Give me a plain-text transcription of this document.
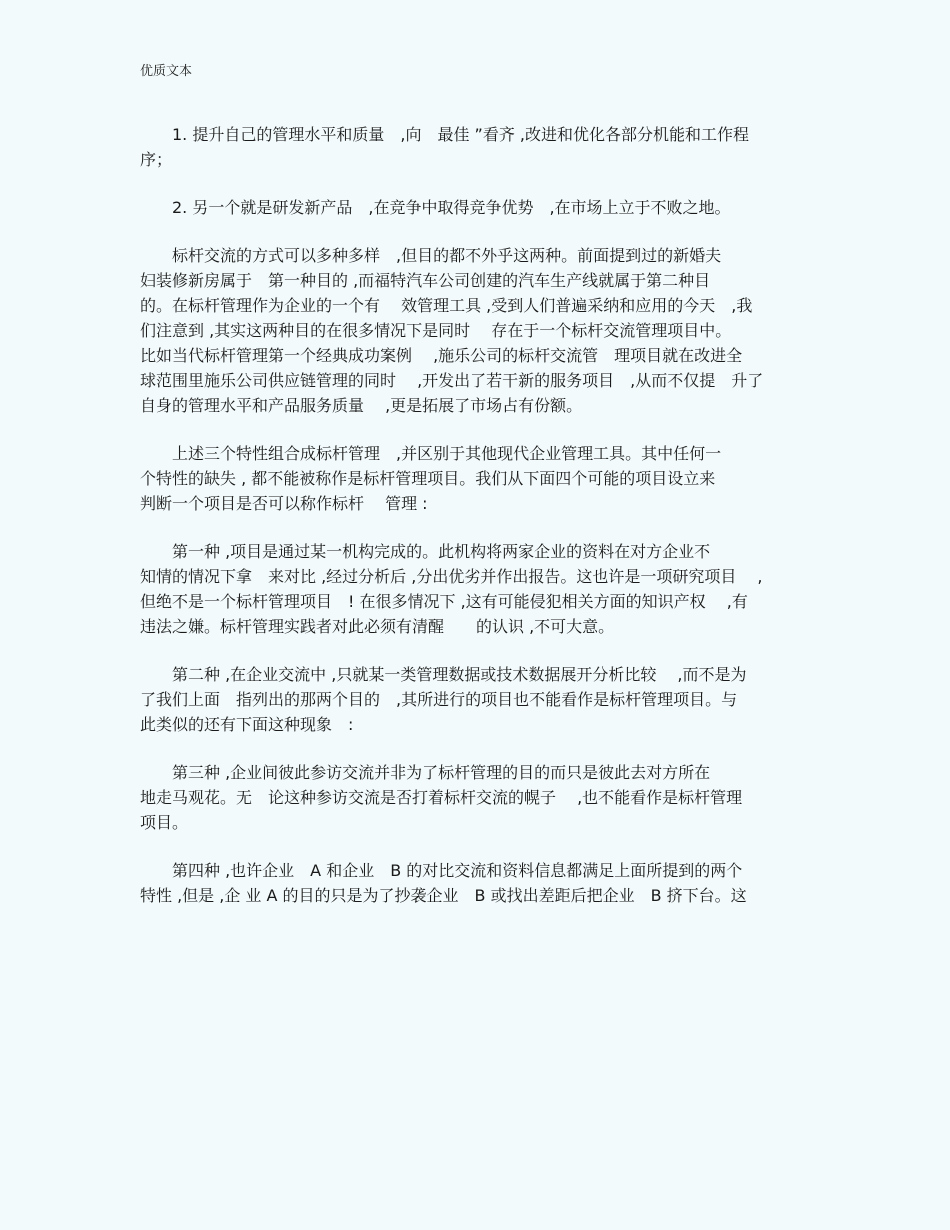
优质文本
　　1. 提升自己的管理水平和质量　,向　最佳 ”看齐 ,改进和优化各部分机能和工作程
序；
　　2. 另一个就是研发新产品　,在竞争中取得竞争优势　,在市场上立于不败之地。
　　标杆交流的方式可以多种多样　,但目的都不外乎这两种。前面提到过的新婚夫
妇装修新房属于　第一种目的 ,而福特汽车公司创建的汽车生产线就属于第二种目
的。在标杆管理作为企业的一个有　 效管理工具 ,受到人们普遍采纳和应用的今天　,我
们注意到 ,其实这两种目的在很多情况下是同时　 存在于一个标杆交流管理项目中。
比如当代标杆管理第一个经典成功案例　 ,施乐公司的标杆交流管　理项目就在改进全
球范围里施乐公司供应链管理的同时　 ,开发出了若干新的服务项目　,从而不仅提　升了
自身的管理水平和产品服务质量　 ,更是拓展了市场占有份额。
　　上述三个特性组合成标杆管理　,并区别于其他现代企业管理工具。其中任何一
个特性的缺失 , 都不能被称作是标杆管理项目。我们从下面四个可能的项目设立来
判断一个项目是否可以称作标杆　 管理 :
　　第一种 ,项目是通过某一机构完成的。此机构将两家企业的资料在对方企业不
知情的情况下拿　来对比 ,经过分析后 ,分出优劣并作出报告。这也许是一项研究项目　 ,
但绝不是一个标杆管理项目　! 在很多情况下 ,这有可能侵犯相关方面的知识产权　 ,有
违法之嫌。标杆管理实践者对此必须有清醒　　的认识 ,不可大意。
　　第二种 ,在企业交流中 ,只就某一类管理数据或技术数据展开分析比较　 ,而不是为
了我们上面　指列出的那两个目的　,其所进行的项目也不能看作是标杆管理项目。与
此类似的还有下面这种现象　:
　　第三种 ,企业间彼此参访交流并非为了标杆管理的目的而只是彼此去对方所在
地走马观花。无　论这种参访交流是否打着标杆交流的幌子　 ,也不能看作是标杆管理
项目。
　　第四种 ,也许企业　A 和企业　B 的对比交流和资料信息都满足上面所提到的两个
特性 ,但是 ,企 业 A 的目的只是为了抄袭企业　B 或找出差距后把企业　B 挤下台。这
